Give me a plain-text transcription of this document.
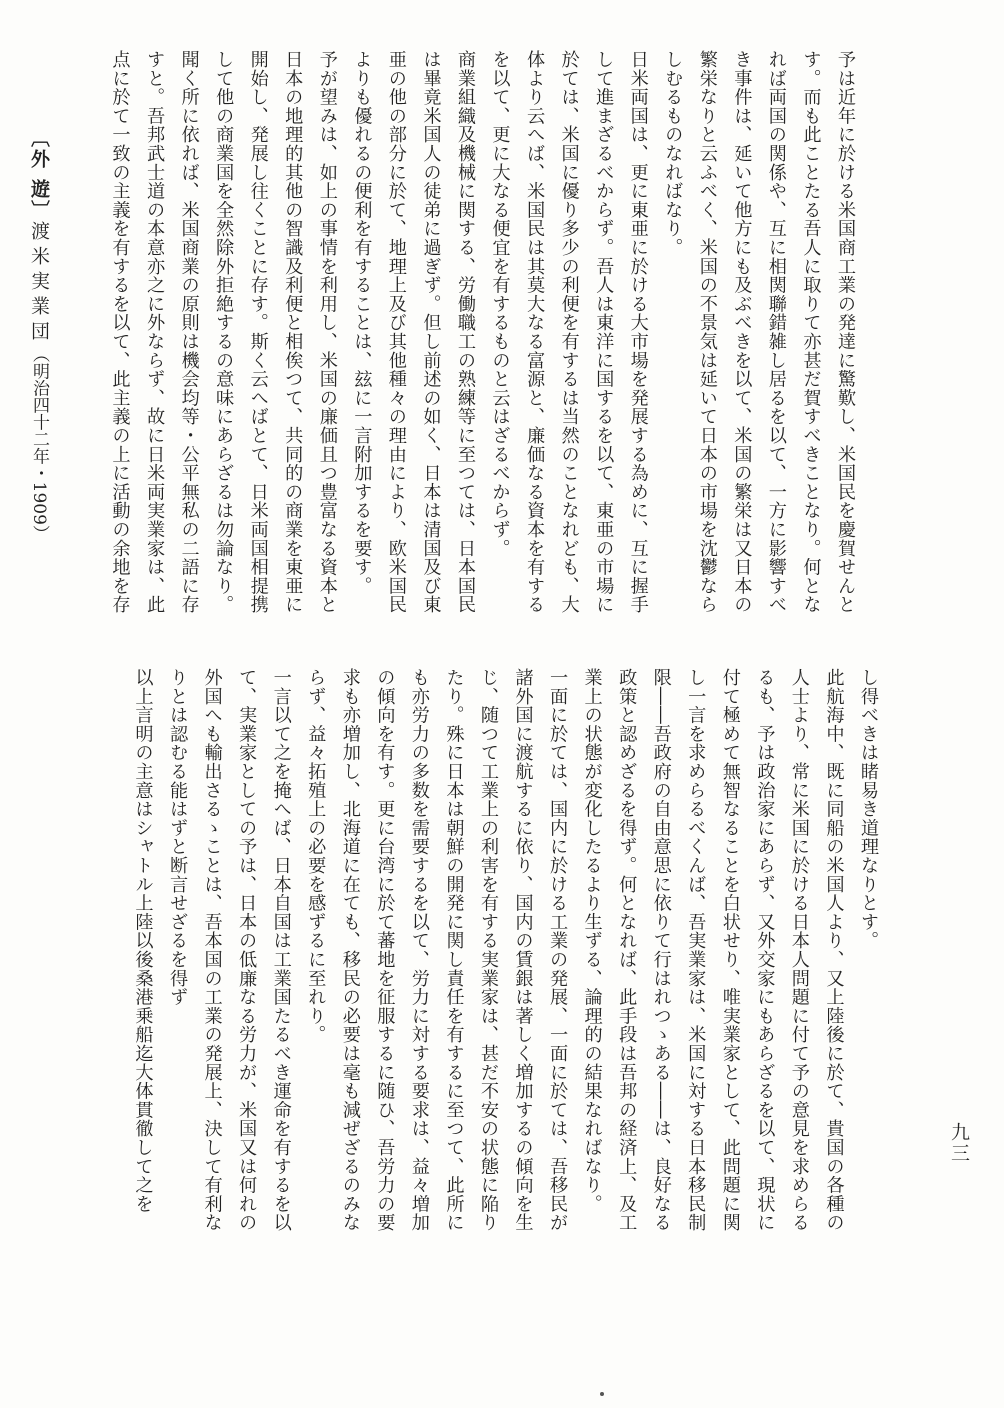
〔外 遊〕渡米実業団（明治四十二年・1909）	予は近年に於ける米国商工業の発達に驚歎し、米国民を慶賀せんと
す。而も此ことたる吾人に取りて亦甚だ賀すべきことなり。何とな
れば両国の関係や、互に相関聯錯雑し居るを以て、一方に影響すべ
き事件は、延いて他方にも及ぶべきを以て、米国の繁栄は又日本の
繁栄なりと云ふべく、米国の不景気は延いて日本の市場を沈鬱なら
しむるものなればなり。
日米両国は、更に東亜に於ける大市場を発展する為めに、互に握手
して進まざるべからず。吾人は東洋に国するを以て、東亜の市場に
於ては、米国に優り多少の利便を有するは当然のことなれども、大
体より云へば、米国民は其莫大なる富源と、廉価なる資本を有する
を以て、更に大なる便宜を有するものと云はざるべからず。
商業組織及機械に関する、労働職工の熟練等に至つては、日本国民
は畢竟米国人の徒弟に過ぎず。但し前述の如く、日本は清国及び東
亜の他の部分に於て、地理上及び其他種々の理由により、欧米国民
よりも優れるの便利を有することは、玆に一言附加するを要す。
予が望みは、如上の事情を利用し、米国の廉価且つ豊富なる資本と
日本の地理的其他の智識及利便と相俟つて、共同的の商業を東亜に
開始し、発展し往くことに存す。斯く云へばとて、日米両国相提携
して他の商業国を全然除外拒絶するの意味にあらざるは勿論なり。
聞く所に依れば、米国商業の原則は機会均等・公平無私の二語に存
すと。吾邦武士道の本意亦之に外ならず、故に日米両実業家は、此
点に於て一致の主義を有するを以て、此主義の上に活動の余地を存
し得べきは睹易き道理なりとす。
此航海中、既に同船の米国人より、又上陸後に於て、貴国の各種の
人士より、常に米国に於ける日本人問題に付て予の意見を求めらる
るも、予は政治家にあらず、又外交家にもあらざるを以て、現状に
付て極めて無智なることを白状せり、唯実業家として、此問題に関
し一言を求めらるべくんば、吾実業家は、米国に対する日本移民制
限――吾政府の自由意思に依りて行はれつゝある――は、良好なる
政策と認めざるを得ず。何となれば、此手段は吾邦の経済上、及工
業上の状態が変化したるより生ずる、論理的の結果なればなり。
一面に於ては、国内に於ける工業の発展、一面に於ては、吾移民が
諸外国に渡航するに依り、国内の賃銀は著しく増加するの傾向を生
じ、随つて工業上の利害を有する実業家は、甚だ不安の状態に陥り
たり。殊に日本は朝鮮の開発に関し責任を有するに至つて、此所に
も亦労力の多数を需要するを以て、労力に対する要求は、益々増加
の傾向を有す。更に台湾に於て蕃地を征服するに随ひ、吾労力の要
求も亦増加し、北海道に在ても、移民の必要は毫も減ぜざるのみな
らず、益々拓殖上の必要を感ずるに至れり。
一言以て之を掩へば、日本自国は工業国たるべき運命を有するを以
て、実業家としての予は、日本の低廉なる労力が、米国又は何れの
外国へも輸出さるゝことは、吾本国の工業の発展上、決して有利な
りとは認むる能はずと断言せざるを得ず
以上言明の主意はシャトル上陸以後桑港乗船迄大体貫徹して之を	九三
